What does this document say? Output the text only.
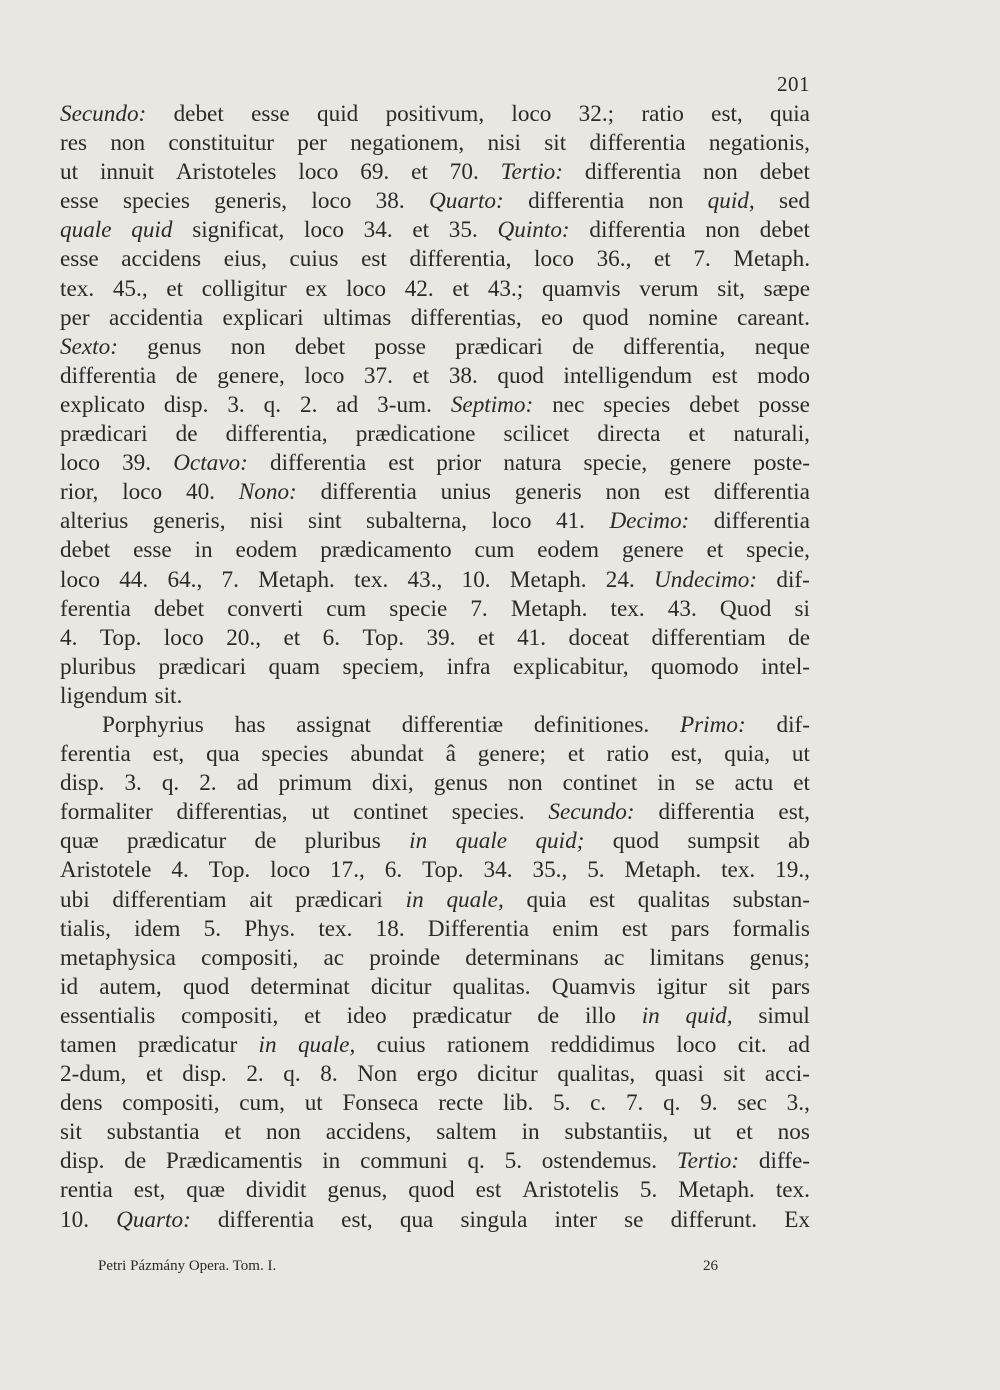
201
Secundo: debet esse quid positivum, loco 32.; ratio est, quia
res non constituitur per negationem, nisi sit differentia negationis,
ut innuit Aristoteles loco 69. et 70. Tertio: differentia non debet
esse species generis, loco 38. Quarto: differentia non quid, sed
quale quid significat, loco 34. et 35. Quinto: differentia non debet
esse accidens eius, cuius est differentia, loco 36., et 7. Metaph.
tex. 45., et colligitur ex loco 42. et 43.; quamvis verum sit, sæpe
per accidentia explicari ultimas differentias, eo quod nomine careant.
Sexto: genus non debet posse prædicari de differentia, neque
differentia de genere, loco 37. et 38. quod intelligendum est modo
explicato disp. 3. q. 2. ad 3-um. Septimo: nec species debet posse
prædicari de differentia, prædicatione scilicet directa et naturali,
loco 39. Octavo: differentia est prior natura specie, genere poste-
rior, loco 40. Nono: differentia unius generis non est differentia
alterius generis, nisi sint subalterna, loco 41. Decimo: differentia
debet esse in eodem prædicamento cum eodem genere et specie,
loco 44. 64., 7. Metaph. tex. 43., 10. Metaph. 24. Undecimo: dif-
ferentia debet converti cum specie 7. Metaph. tex. 43. Quod si
4. Top. loco 20., et 6. Top. 39. et 41. doceat differentiam de
pluribus prædicari quam speciem, infra explicabitur, quomodo intel-
ligendum sit.
Porphyrius has assignat differentiæ definitiones. Primo: dif-
ferentia est, qua species abundat â genere; et ratio est, quia, ut
disp. 3. q. 2. ad primum dixi, genus non continet in se actu et
formaliter differentias, ut continet species. Secundo: differentia est,
quæ prædicatur de pluribus in quale quid; quod sumpsit ab
Aristotele 4. Top. loco 17., 6. Top. 34. 35., 5. Metaph. tex. 19.,
ubi differentiam ait prædicari in quale, quia est qualitas substan-
tialis, idem 5. Phys. tex. 18. Differentia enim est pars formalis
metaphysica compositi, ac proinde determinans ac limitans genus;
id autem, quod determinat dicitur qualitas. Quamvis igitur sit pars
essentialis compositi, et ideo prædicatur de illo in quid, simul
tamen prædicatur in quale, cuius rationem reddidimus loco cit. ad
2-dum, et disp. 2. q. 8. Non ergo dicitur qualitas, quasi sit acci-
dens compositi, cum, ut Fonseca recte lib. 5. c. 7. q. 9. sec 3.,
sit substantia et non accidens, saltem in substantiis, ut et nos
disp. de Prædicamentis in communi q. 5. ostendemus. Tertio: diffe-
rentia est, quæ dividit genus, quod est Aristotelis 5. Metaph. tex.
10. Quarto: differentia est, qua singula inter se differunt. Ex
Petri Pázmány Opera. Tom. I.	26
